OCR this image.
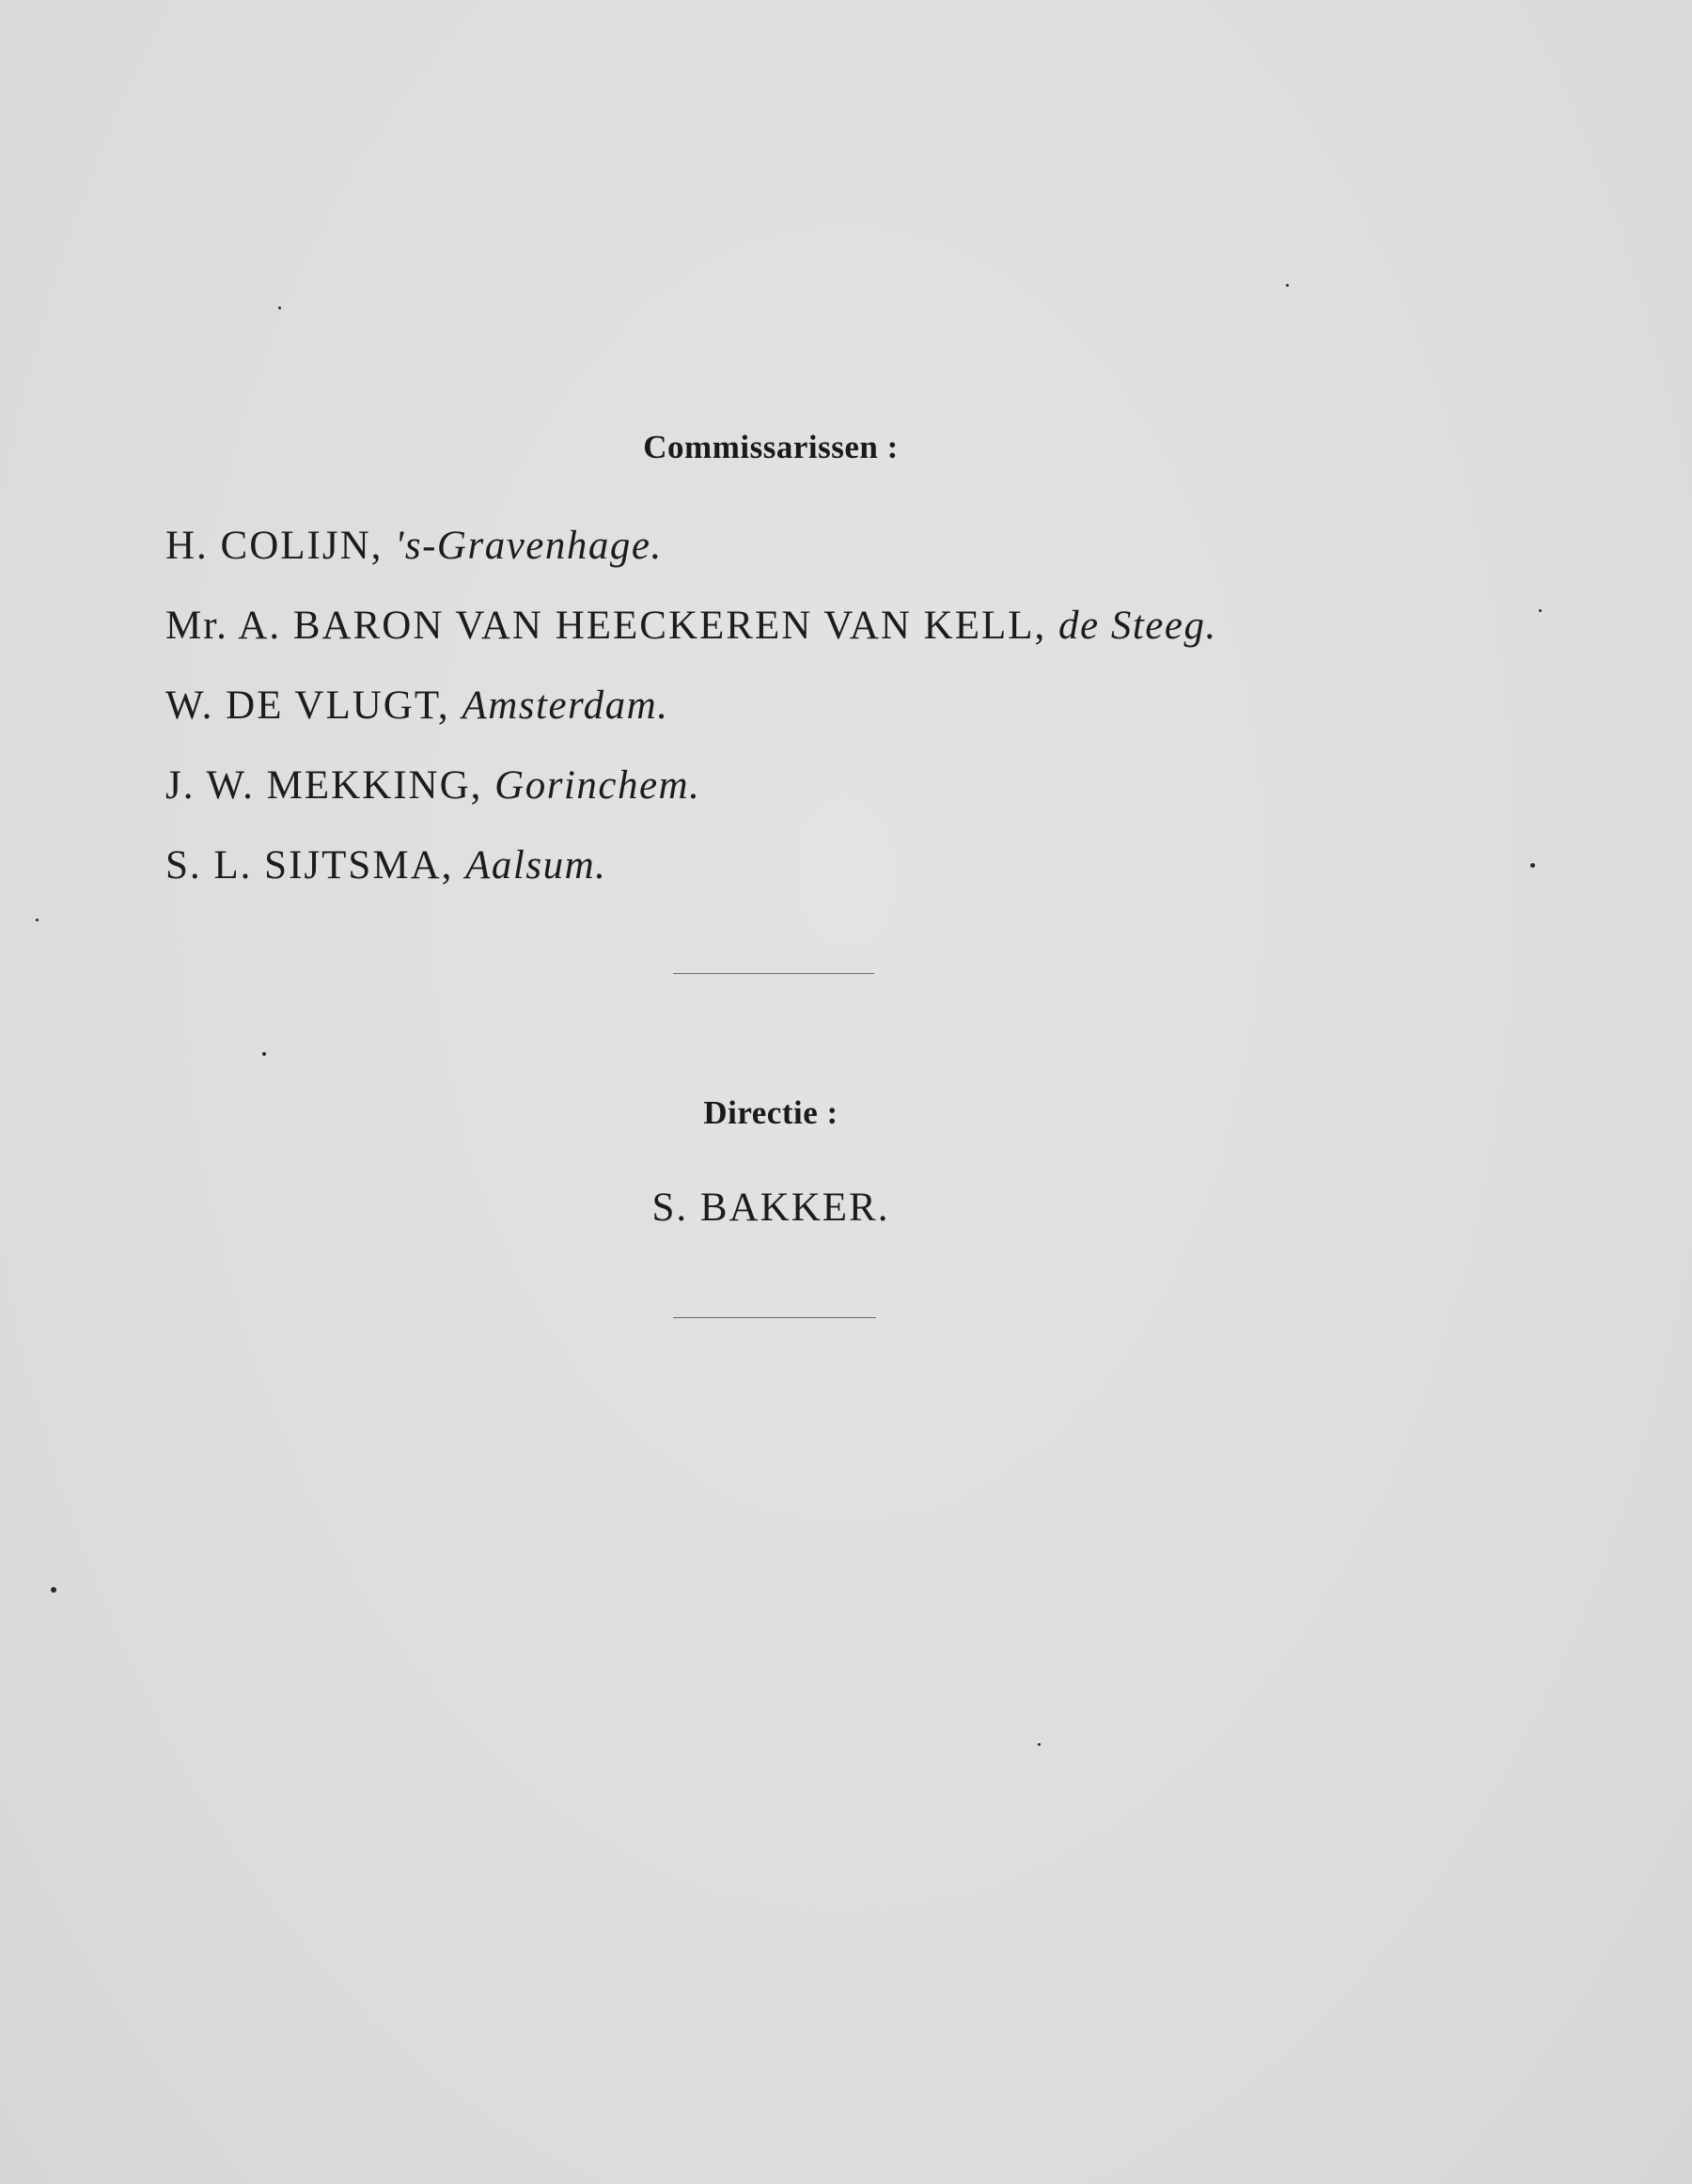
Commissarissen :
H. COLIJN, 's-Gravenhage.
Mr. A. BARON VAN HEECKEREN VAN KELL, de Steeg.
W. DE VLUGT, Amsterdam.
J. W. MEKKING, Gorinchem.
S. L. SIJTSMA, Aalsum.
Directie :
S. BAKKER.
